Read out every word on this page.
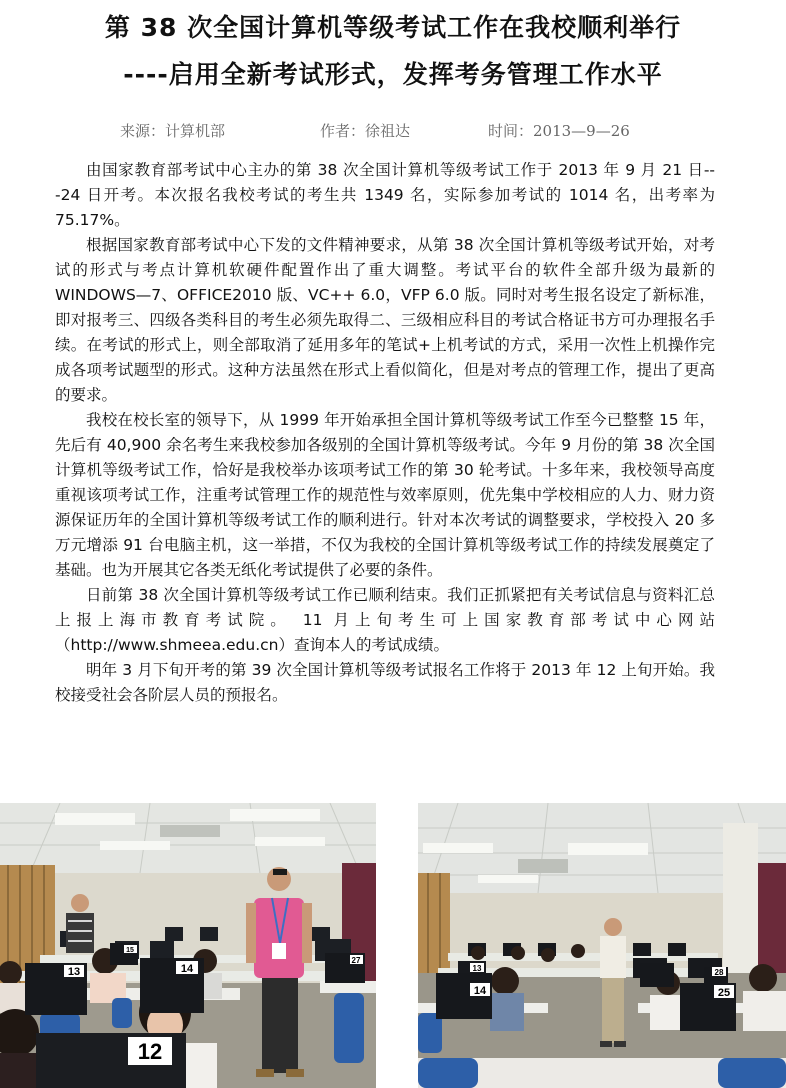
第 38 次全国计算机等级考试工作在我校顺利举行
----启用全新考试形式，发挥考务管理工作水平
来源：计算机部	作者：徐祖达	时间：2013—9—26

由国家教育部考试中心主办的第 38 次全国计算机等级考试工作于 2013 年 9 月 21 日---24 日开考。本次报名我校考试的考生共 1349 名，实际参加考试的 1014 名，出考率为 75.17%。

根据国家教育部考试中心下发的文件精神要求，从第 38 次全国计算机等级考试开始，对考试的形式与考点计算机软硬件配置作出了重大调整。考试平台的软件全部升级为最新的 WINDOWS—7、OFFICE2010 版、VC++ 6.0，VFP 6.0 版。同时对考生报名设定了新标准，即对报考三、四级各类科目的考生必须先取得二、三级相应科目的考试合格证书方可办理报名手续。在考试的形式上，则全部取消了延用多年的笔试+上机考试的方式，采用一次性上机操作完成各项考试题型的形式。这种方法虽然在形式上看似简化，但是对考点的管理工作，提出了更高的要求。

我校在校长室的领导下，从 1999 年开始承担全国计算机等级考试工作至今已整整 15 年，先后有 40,900 余名考生来我校参加各级别的全国计算机等级考试。今年 9 月份的第 38 次全国计算机等级考试工作，恰好是我校举办该项考试工作的第 30 轮考试。十多年来，我校领导高度重视该项考试工作，注重考试管理工作的规范性与效率原则，优先集中学校相应的人力、财力资源保证历年的全国计算机等级考试工作的顺利进行。针对本次考试的调整要求，学校投入 20 多万元增添 91 台电脑主机，这一举措，不仅为我校的全国计算机等级考试工作的持续发展奠定了基础。也为开展其它各类无纸化考试提供了必要的条件。

日前第 38 次全国计算机等级考试工作已顺利结束。我们正抓紧把有关考试信息与资料汇总上报上海市教育考试院。 11 月上旬考生可上国家教育部考试中心网站（http://www.shmeea.edu.cn）查询本人的考试成绩。

明年 3 月下旬开考的第 39 次全国计算机等级考试报名工作将于 2013 年 12 上旬开始。我校接受社会各阶层人员的预报名。

13	14
12
15
27
14	25
13	28
